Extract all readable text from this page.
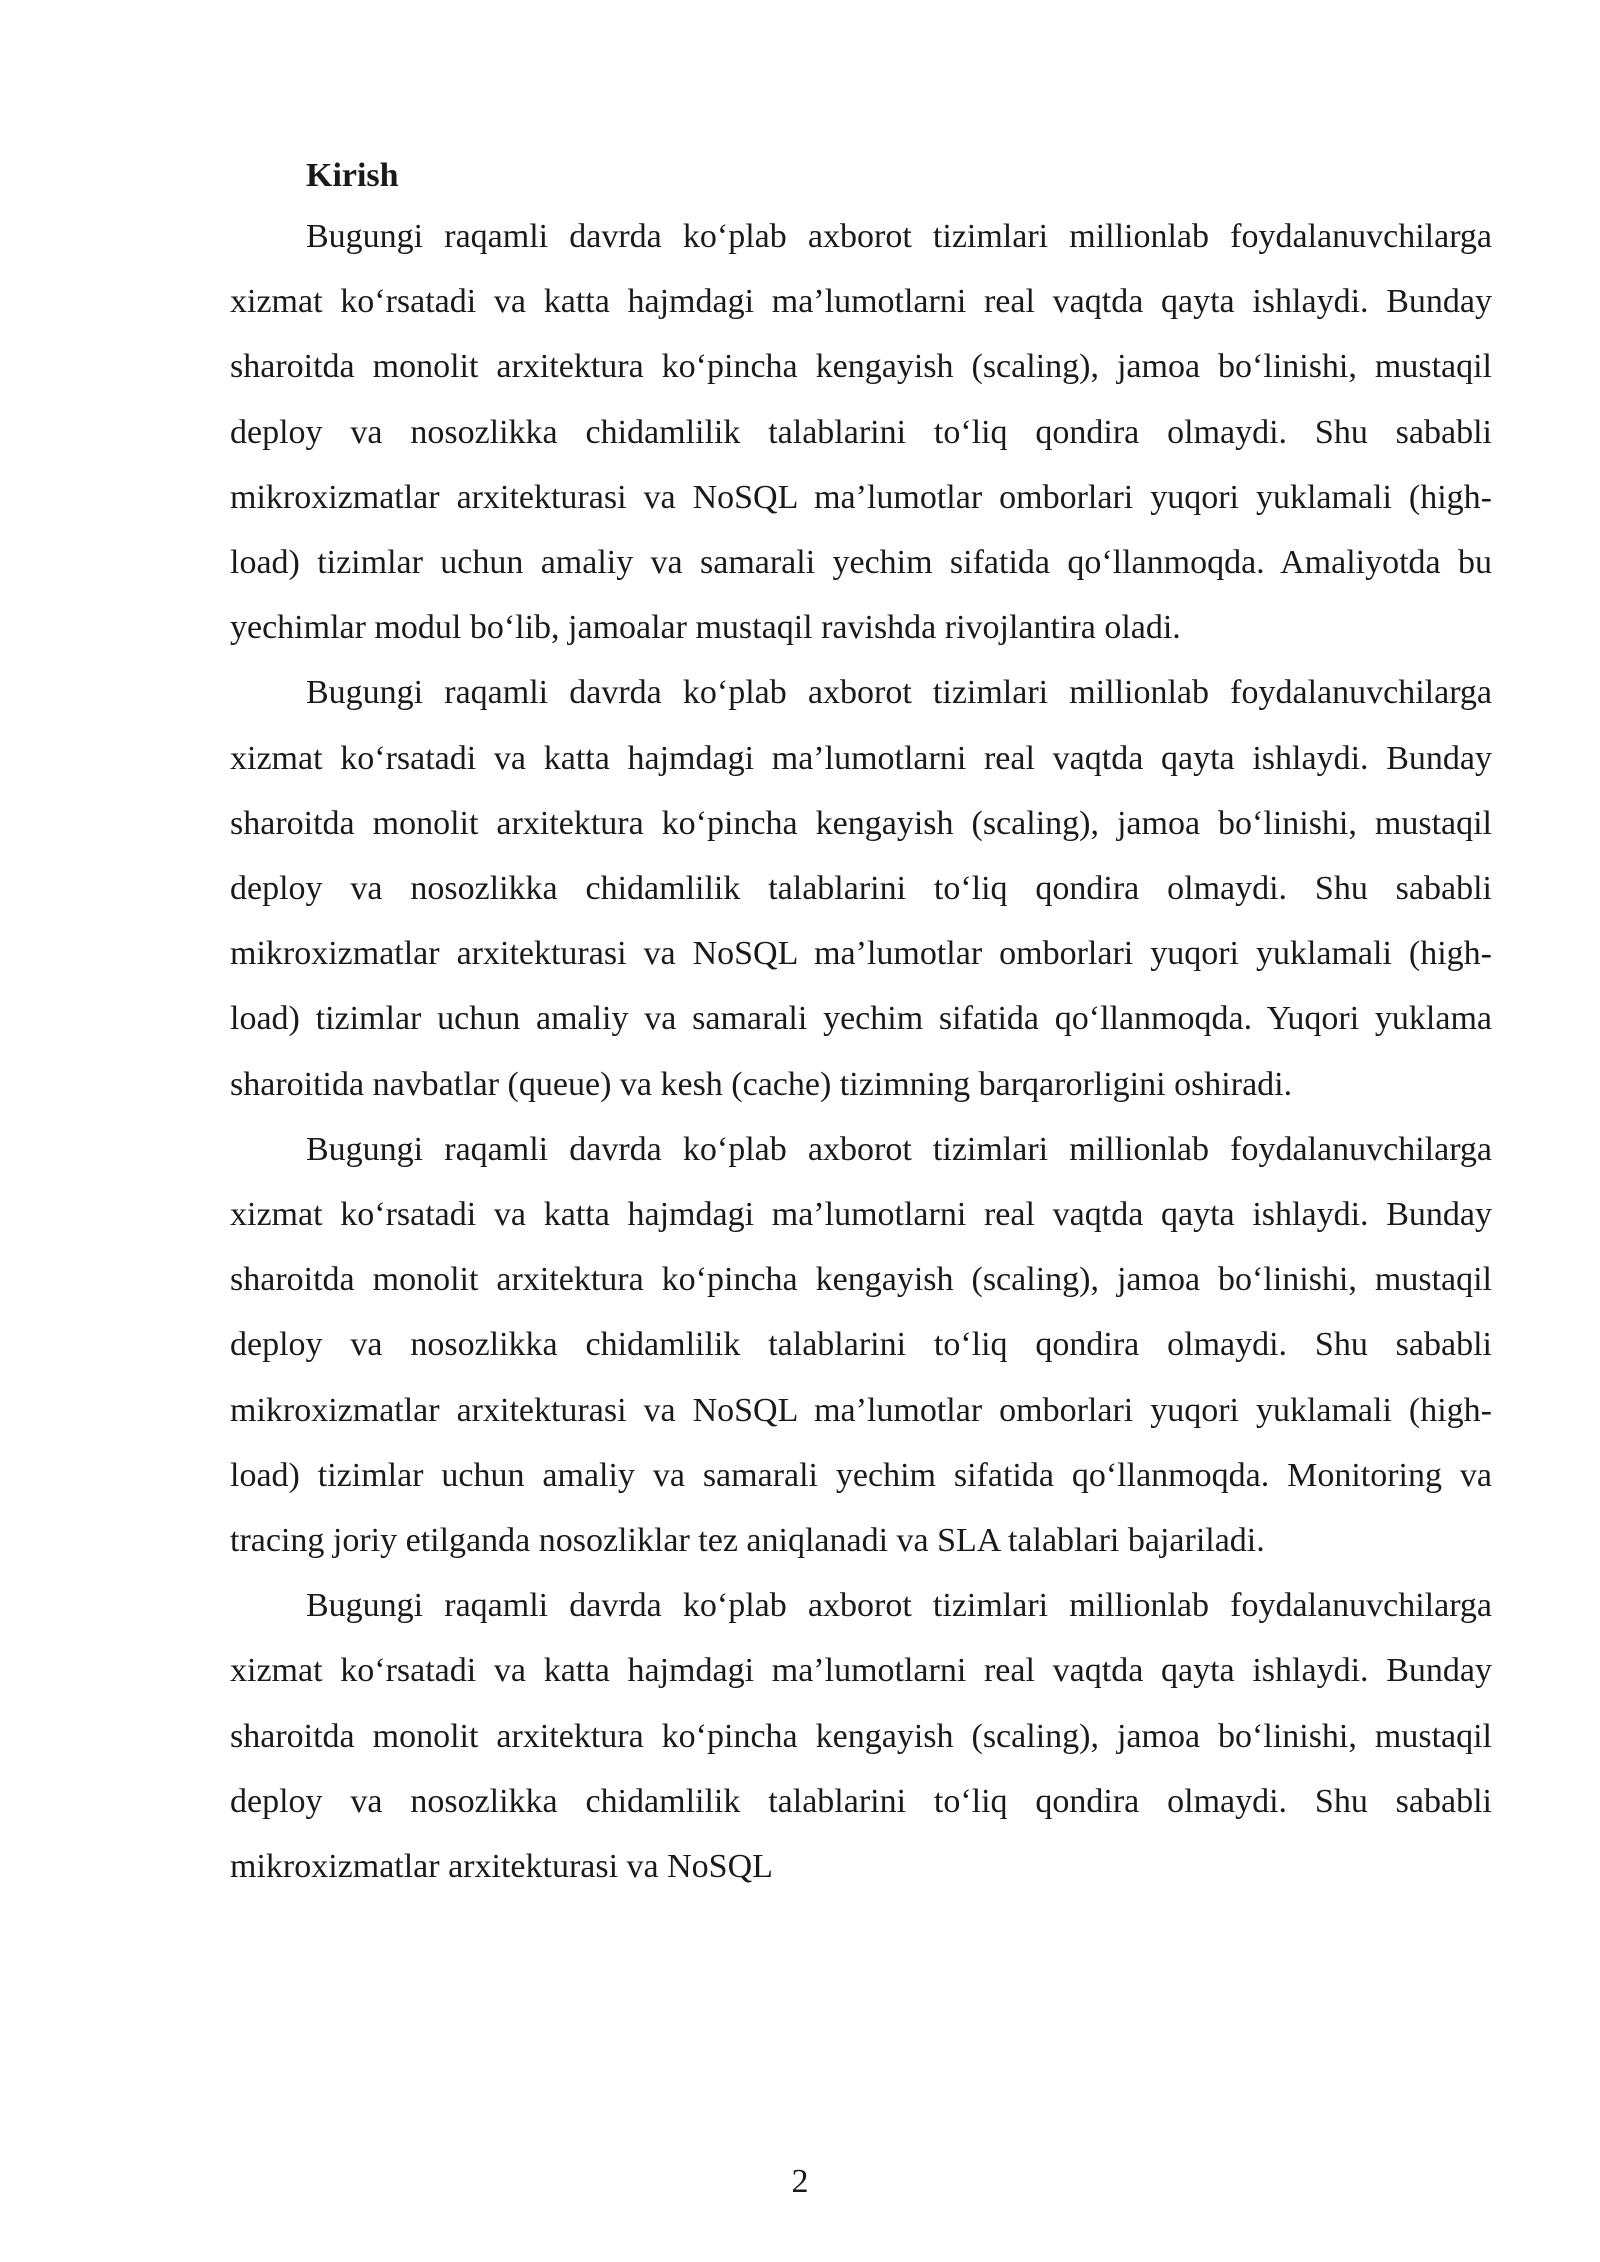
Kirish

Bugungi raqamli davrda ko‘plab axborot tizimlari millionlab foydalanuvchilarga xizmat ko‘rsatadi va katta hajmdagi ma’lumotlarni real vaqtda qayta ishlaydi. Bunday sharoitda monolit arxitektura ko‘pincha kengayish (scaling), jamoa bo‘linishi, mustaqil deploy va nosozlikka chidamlilik talablarini to‘liq qondira olmaydi. Shu sababli mikroxizmatlar arxitekturasi va NoSQL ma’lumotlar omborlari yuqori yuklamali (high-load) tizimlar uchun amaliy va samarali yechim sifatida qo‘llanmoqda. Amaliyotda bu yechimlar modul bo‘lib, jamoalar mustaqil ravishda rivojlantira oladi.

Bugungi raqamli davrda ko‘plab axborot tizimlari millionlab foydalanuvchilarga xizmat ko‘rsatadi va katta hajmdagi ma’lumotlarni real vaqtda qayta ishlaydi. Bunday sharoitda monolit arxitektura ko‘pincha kengayish (scaling), jamoa bo‘linishi, mustaqil deploy va nosozlikka chidamlilik talablarini to‘liq qondira olmaydi. Shu sababli mikroxizmatlar arxitekturasi va NoSQL ma’lumotlar omborlari yuqori yuklamali (high-load) tizimlar uchun amaliy va samarali yechim sifatida qo‘llanmoqda. Yuqori yuklama sharoitida navbatlar (queue) va kesh (cache) tizimning barqarorligini oshiradi.

Bugungi raqamli davrda ko‘plab axborot tizimlari millionlab foydalanuvchilarga xizmat ko‘rsatadi va katta hajmdagi ma’lumotlarni real vaqtda qayta ishlaydi. Bunday sharoitda monolit arxitektura ko‘pincha kengayish (scaling), jamoa bo‘linishi, mustaqil deploy va nosozlikka chidamlilik talablarini to‘liq qondira olmaydi. Shu sababli mikroxizmatlar arxitekturasi va NoSQL ma’lumotlar omborlari yuqori yuklamali (high-load) tizimlar uchun amaliy va samarali yechim sifatida qo‘llanmoqda. Monitoring va tracing joriy etilganda nosozliklar tez aniqlanadi va SLA talablari bajariladi.

Bugungi raqamli davrda ko‘plab axborot tizimlari millionlab foydalanuvchilarga xizmat ko‘rsatadi va katta hajmdagi ma’lumotlarni real vaqtda qayta ishlaydi. Bunday sharoitda monolit arxitektura ko‘pincha kengayish (scaling), jamoa bo‘linishi, mustaqil deploy va nosozlikka chidamlilik talablarini to‘liq qondira olmaydi. Shu sababli mikroxizmatlar arxitekturasi va NoSQL

2
